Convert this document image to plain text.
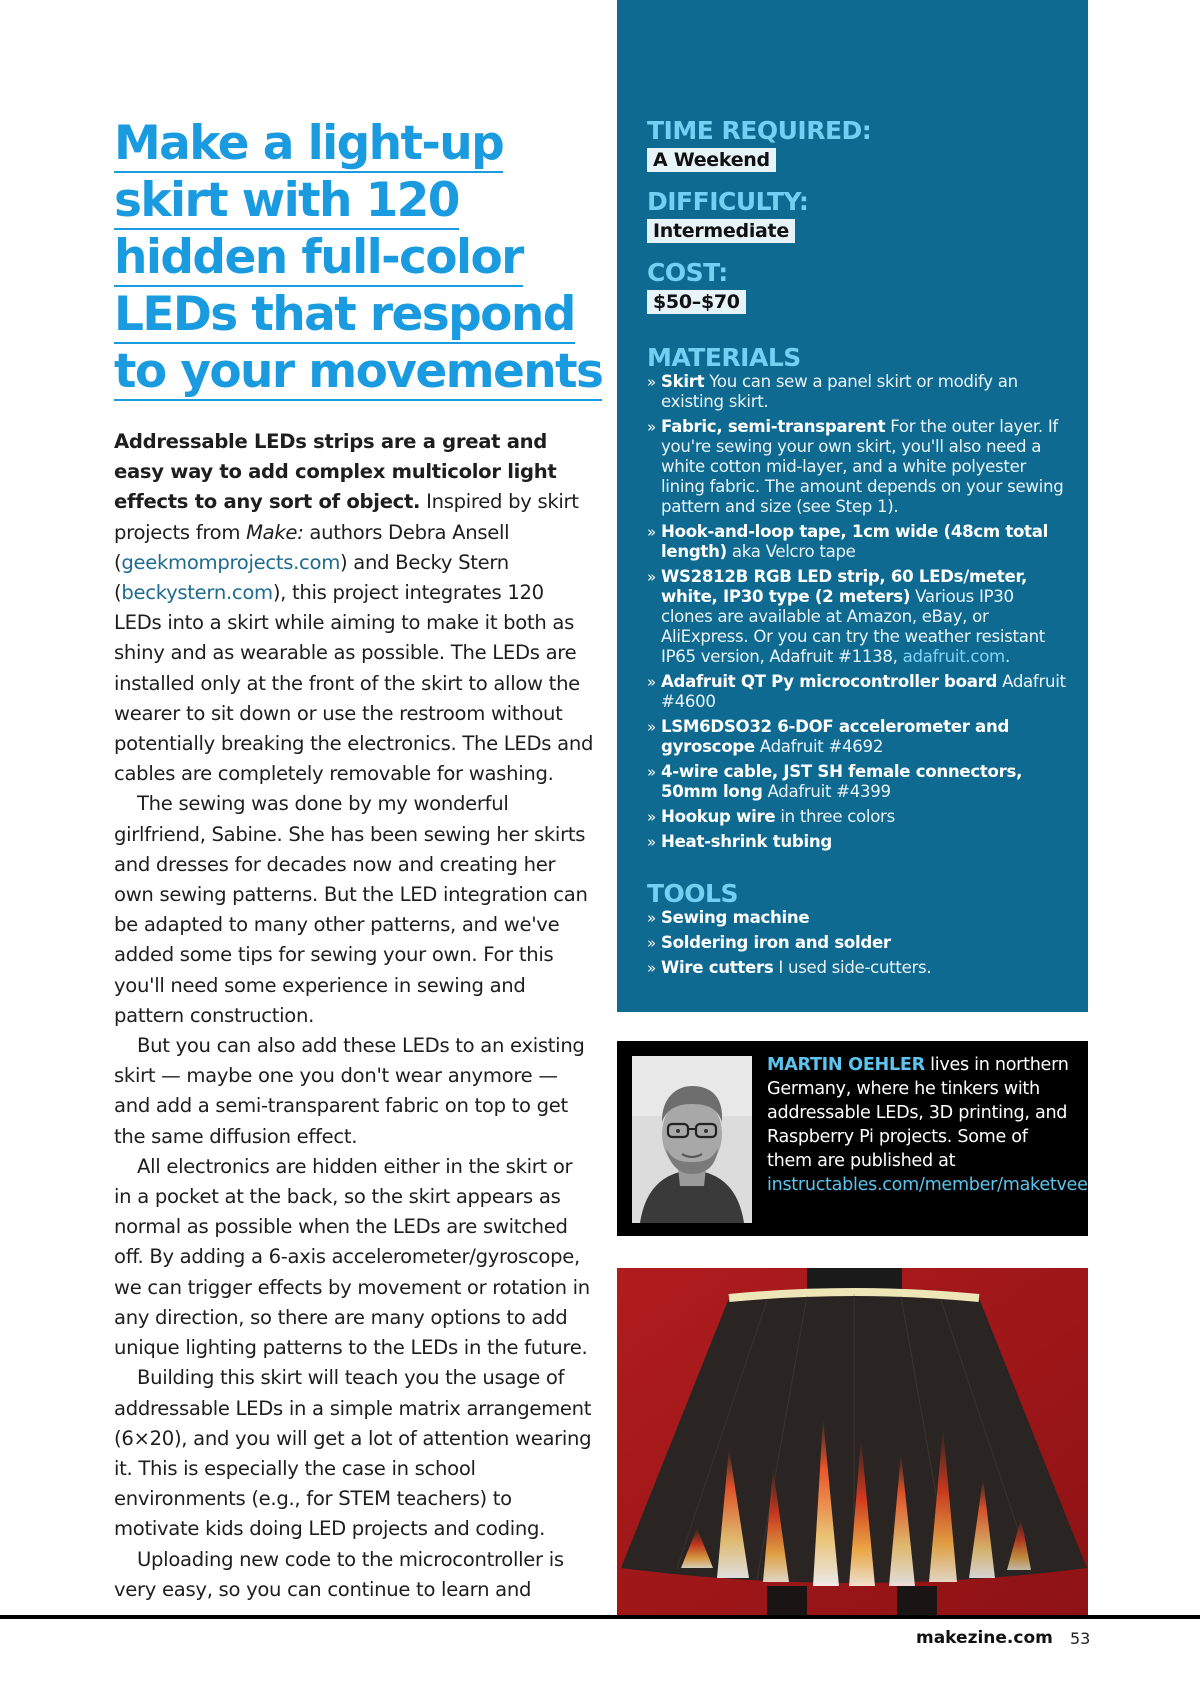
Make a light-up
skirt with 120
hidden full-color
LEDs that respond
to your movements

Addressable LEDs strips are a great and easy way to add complex multicolor light effects to any sort of object. Inspired by skirt projects from Make: authors Debra Ansell (geekmomprojects.com) and Becky Stern (beckystern.com), this project integrates 120 LEDs into a skirt while aiming to make it both as shiny and as wearable as possible. The LEDs are installed only at the front of the skirt to allow the wearer to sit down or use the restroom without potentially breaking the electronics. The LEDs and cables are completely removable for washing.

The sewing was done by my wonderful girlfriend, Sabine. She has been sewing her skirts and dresses for decades now and creating her own sewing patterns. But the LED integration can be adapted to many other patterns, and we've added some tips for sewing your own. For this you'll need some experience in sewing and pattern construction.

But you can also add these LEDs to an existing skirt — maybe one you don't wear anymore — and add a semi-transparent fabric on top to get the same diffusion effect.

All electronics are hidden either in the skirt or in a pocket at the back, so the skirt appears as normal as possible when the LEDs are switched off. By adding a 6-axis accelerometer/gyroscope, we can trigger effects by movement or rotation in any direction, so there are many options to add unique lighting patterns to the LEDs in the future.

Building this skirt will teach you the usage of addressable LEDs in a simple matrix arrangement (6×20), and you will get a lot of attention wearing it. This is especially the case in school environments (e.g., for STEM teachers) to motivate kids doing LED projects and coding.

Uploading new code to the microcontroller is very easy, so you can continue to learn and

TIME REQUIRED:

A Weekend

DIFFICULTY:

Intermediate

COST:

$50–$70

MATERIALS

» Skirt You can sew a panel skirt or modify an existing skirt.
» Fabric, semi-transparent For the outer layer. If you're sewing your own skirt, you'll also need a white cotton mid-layer, and a white polyester lining fabric. The amount depends on your sewing pattern and size (see Step 1).
» Hook-and-loop tape, 1cm wide (48cm total length) aka Velcro tape
» WS2812B RGB LED strip, 60 LEDs/meter, white, IP30 type (2 meters) Various IP30 clones are available at Amazon, eBay, or AliExpress. Or you can try the weather resistant IP65 version, Adafruit #1138, adafruit.com.
» Adafruit QT Py microcontroller board Adafruit #4600
» LSM6DSO32 6-DOF accelerometer and gyroscope Adafruit #4692
» 4-wire cable, JST SH female connectors, 50mm long Adafruit #4399
» Hookup wire in three colors
» Heat-shrink tubing

TOOLS

» Sewing machine
» Soldering iron and solder
» Wire cutters I used side-cutters.
MARTIN OEHLER lives in northern Germany, where he tinkers with addressable LEDs, 3D printing, and Raspberry Pi projects. Some of them are published at instructables.com/member/maketvee.
makezine.com 53
